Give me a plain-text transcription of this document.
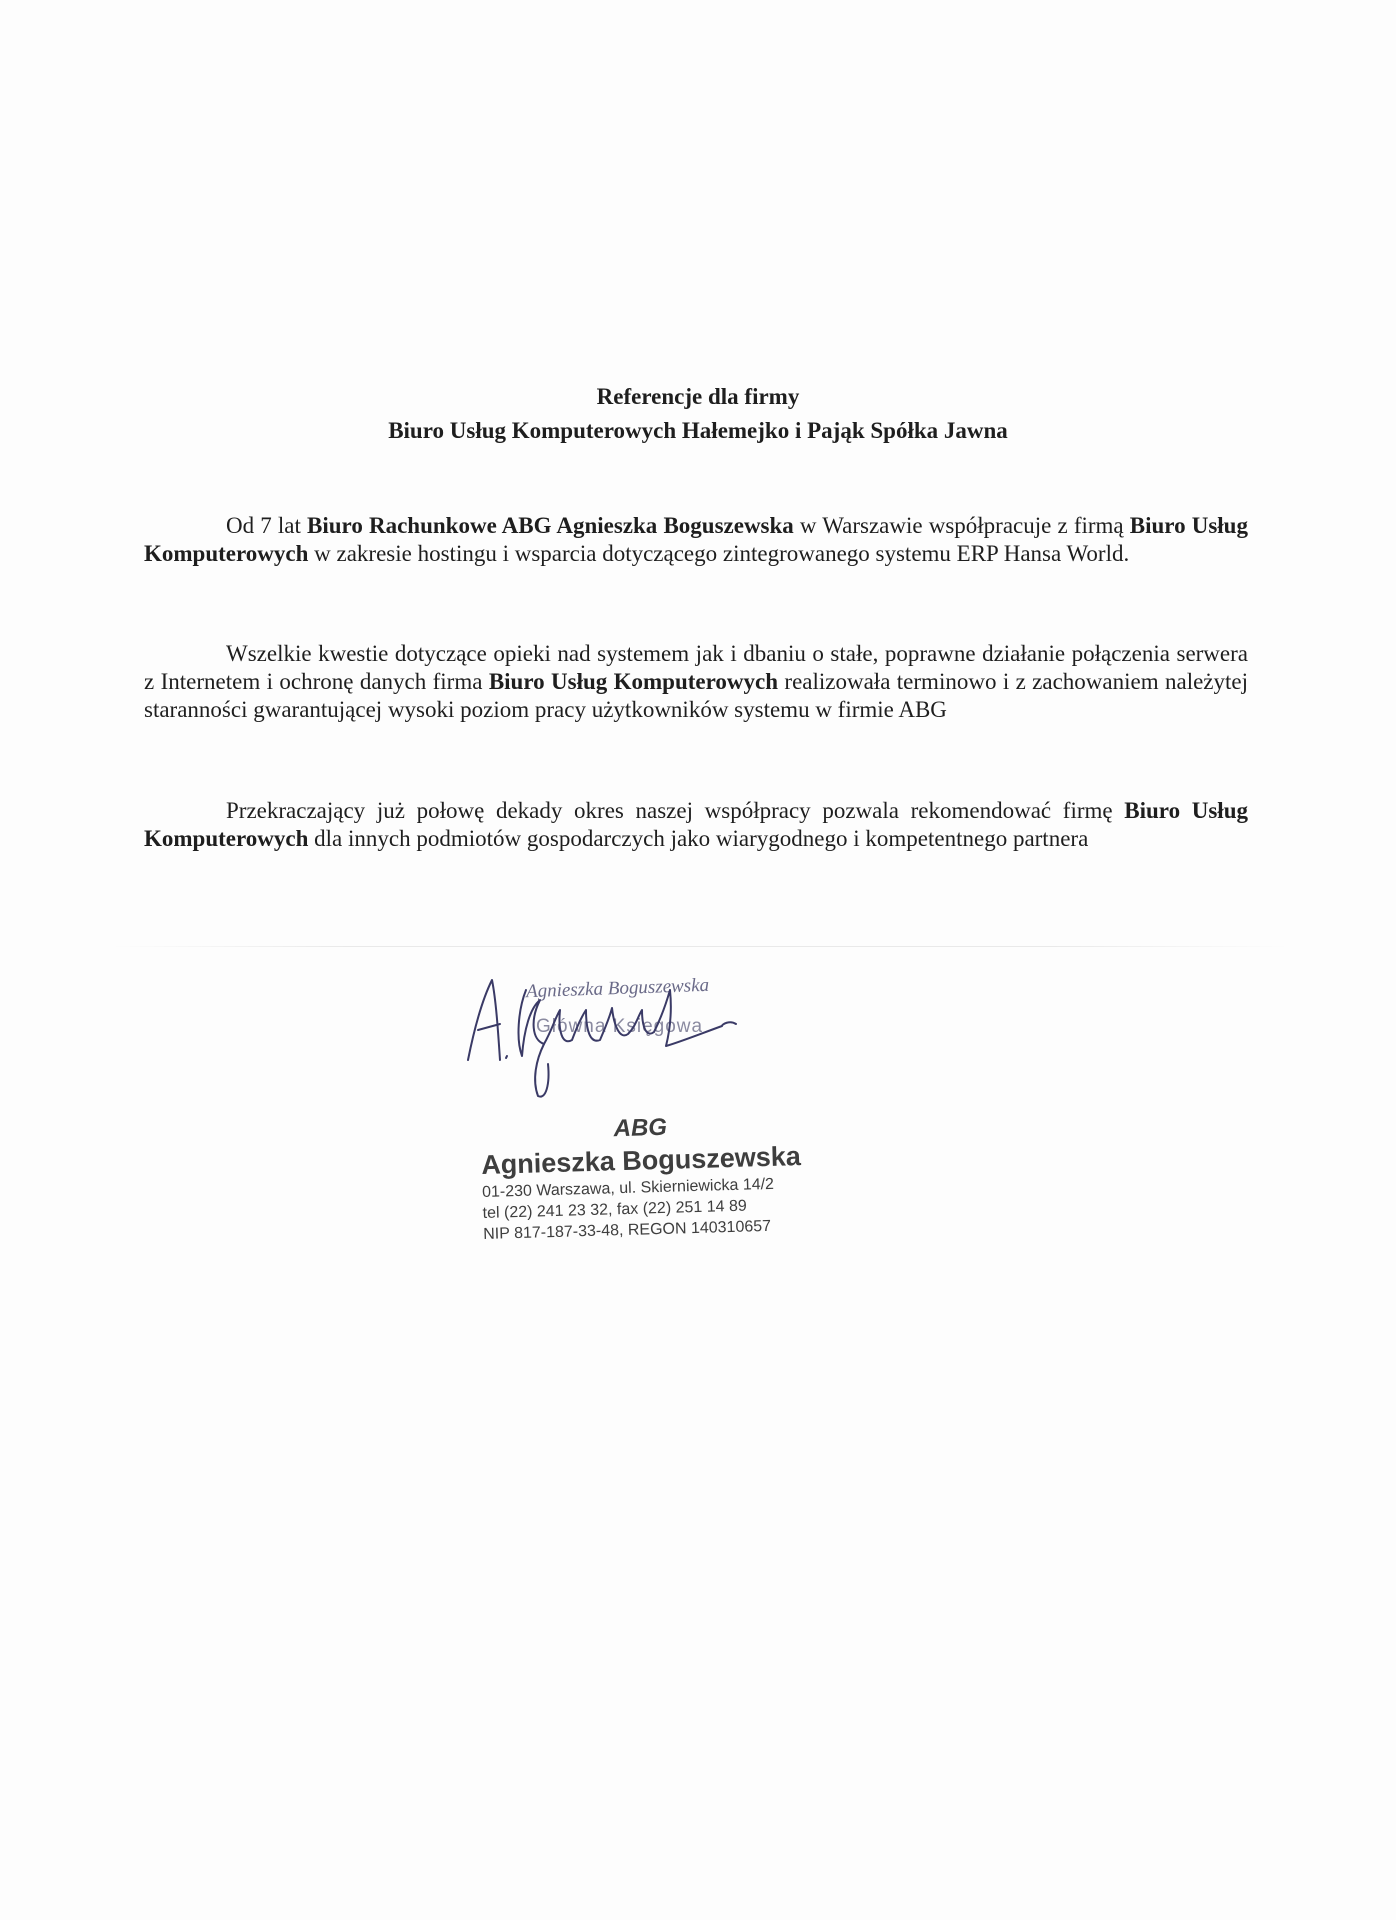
Referencje dla firmy
Biuro Usług Komputerowych Hałemejko i Pająk Spółka Jawna
Od 7 lat Biuro Rachunkowe ABG Agnieszka Boguszewska w Warszawie współpracuje z firmą Biuro Usług Komputerowych w zakresie hostingu i wsparcia dotyczącego zintegrowanego systemu ERP Hansa World.
Wszelkie kwestie dotyczące opieki nad systemem jak i dbaniu o stałe, poprawne działanie połączenia serwera z Internetem i ochronę danych firma Biuro Usług Komputerowych realizowała terminowo i z zachowaniem należytej staranności gwarantującej wysoki poziom pracy użytkowników systemu w firmie ABG
Przekraczający już połowę dekady okres naszej współpracy pozwala rekomendować firmę Biuro Usług Komputerowych dla innych podmiotów gospodarczych jako wiarygodnego i kompetentnego partnera
Agnieszka Boguszewska
Główna Księgowa
ABG
Agnieszka Boguszewska
01-230 Warszawa, ul. Skierniewicka 14/2
tel (22) 241 23 32, fax (22) 251 14 89
NIP 817-187-33-48, REGON 140310657
